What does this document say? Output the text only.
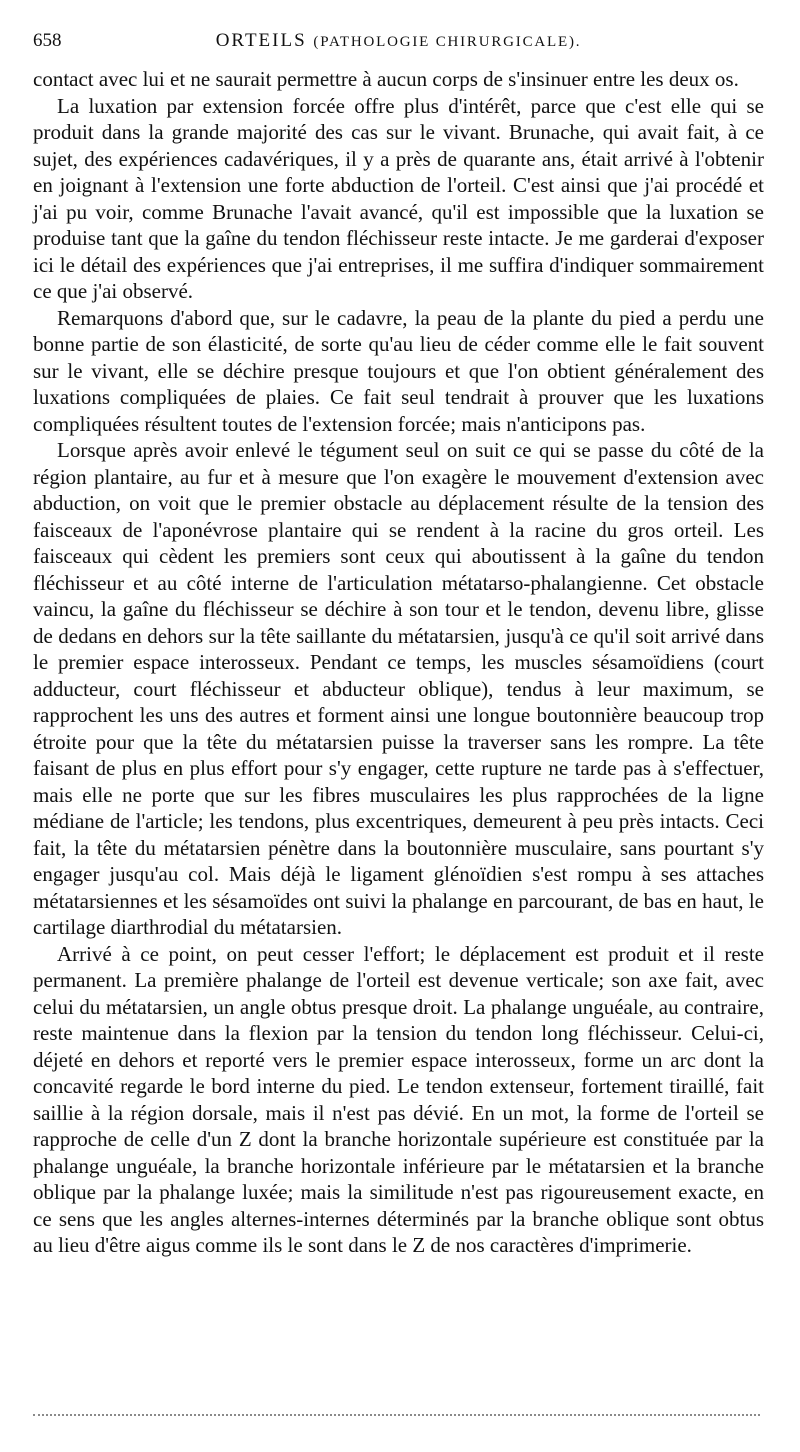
658	ORTEILS (PATHOLOGIE CHIRURGICALE).

contact avec lui et ne saurait permettre à aucun corps de s'insinuer entre les deux os.

La luxation par extension forcée offre plus d'intérêt, parce que c'est elle qui se produit dans la grande majorité des cas sur le vivant. Brunache, qui avait fait, à ce sujet, des expériences cadavériques, il y a près de quarante ans, était arrivé à l'obtenir en joignant à l'extension une forte abduction de l'orteil. C'est ainsi que j'ai procédé et j'ai pu voir, comme Brunache l'avait avancé, qu'il est impossible que la luxation se produise tant que la gaîne du tendon fléchisseur reste intacte. Je me garderai d'exposer ici le détail des expériences que j'ai entreprises, il me suffira d'indiquer sommairement ce que j'ai observé.

Remarquons d'abord que, sur le cadavre, la peau de la plante du pied a perdu une bonne partie de son élasticité, de sorte qu'au lieu de céder comme elle le fait souvent sur le vivant, elle se déchire presque toujours et que l'on obtient généralement des luxations compliquées de plaies. Ce fait seul tendrait à prouver que les luxations compliquées résultent toutes de l'extension forcée; mais n'anticipons pas.

Lorsque après avoir enlevé le tégument seul on suit ce qui se passe du côté de la région plantaire, au fur et à mesure que l'on exagère le mouvement d'extension avec abduction, on voit que le premier obstacle au déplacement résulte de la tension des faisceaux de l'aponévrose plantaire qui se rendent à la racine du gros orteil. Les faisceaux qui cèdent les premiers sont ceux qui aboutissent à la gaîne du tendon fléchisseur et au côté interne de l'articulation métatarso-phalangienne. Cet obstacle vaincu, la gaîne du fléchisseur se déchire à son tour et le tendon, devenu libre, glisse de dedans en dehors sur la tête saillante du métatarsien, jusqu'à ce qu'il soit arrivé dans le premier espace interosseux. Pendant ce temps, les muscles sésamoïdiens (court adducteur, court fléchisseur et abducteur oblique), tendus à leur maximum, se rapprochent les uns des autres et forment ainsi une longue boutonnière beaucoup trop étroite pour que la tête du métatarsien puisse la traverser sans les rompre. La tête faisant de plus en plus effort pour s'y engager, cette rupture ne tarde pas à s'effectuer, mais elle ne porte que sur les fibres musculaires les plus rapprochées de la ligne médiane de l'article; les tendons, plus excentriques, demeurent à peu près intacts. Ceci fait, la tête du métatarsien pénètre dans la boutonnière musculaire, sans pourtant s'y engager jusqu'au col. Mais déjà le ligament glénoïdien s'est rompu à ses attaches métatarsiennes et les sésamoïdes ont suivi la phalange en parcourant, de bas en haut, le cartilage diarthrodial du métatarsien.

Arrivé à ce point, on peut cesser l'effort; le déplacement est produit et il reste permanent. La première phalange de l'orteil est devenue verticale; son axe fait, avec celui du métatarsien, un angle obtus presque droit. La phalange unguéale, au contraire, reste maintenue dans la flexion par la tension du tendon long fléchisseur. Celui-ci, déjeté en dehors et reporté vers le premier espace interosseux, forme un arc dont la concavité regarde le bord interne du pied. Le tendon extenseur, fortement tiraillé, fait saillie à la région dorsale, mais il n'est pas dévié. En un mot, la forme de l'orteil se rapproche de celle d'un Z dont la branche horizontale supérieure est constituée par la phalange unguéale, la branche horizontale inférieure par le métatarsien et la branche oblique par la phalange luxée; mais la similitude n'est pas rigoureusement exacte, en ce sens que les angles alternes-internes déterminés par la branche oblique sont obtus au lieu d'être aigus comme ils le sont dans le Z de nos caractères d'imprimerie.
